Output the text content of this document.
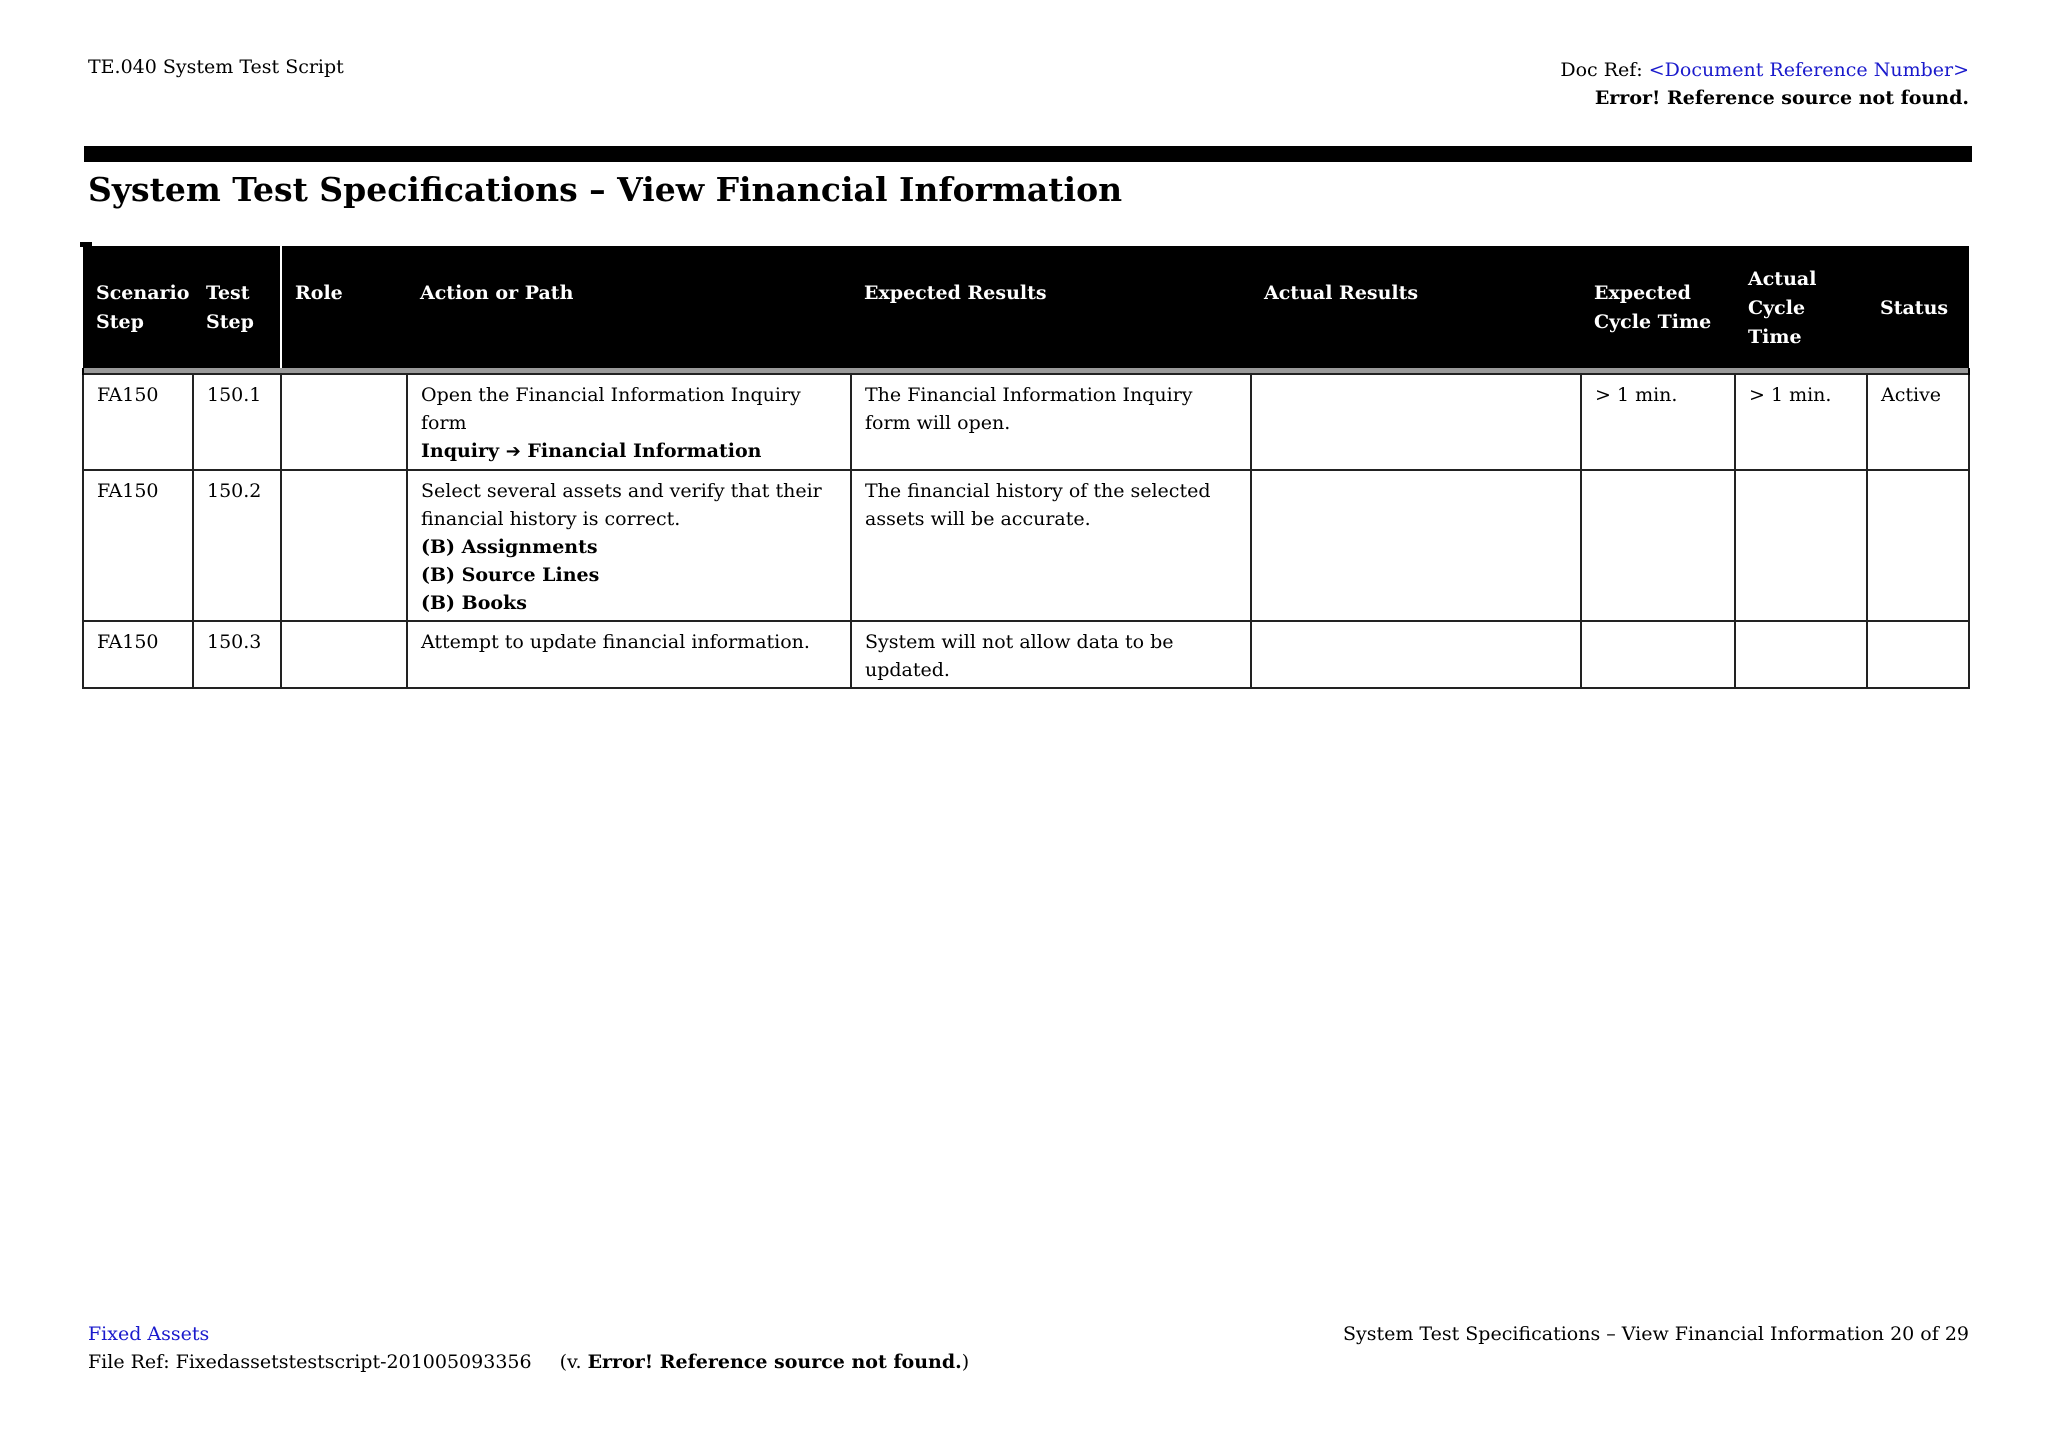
TE.040 System Test Script	Doc Ref: <Document Reference Number>
Error! Reference source not found.
System Test Specifications – View Financial Information
Scenario
Step	Test
Step	Role	Action or Path	Expected Results	Actual Results	Expected
Cycle Time	Actual
Cycle
Time	Status

FA150	150.1		Open the Financial Information Inquiry form
Inquiry ➔ Financial Information	The Financial Information Inquiry form will open.		> 1 min.	> 1 min.	Active
FA150	150.2		Select several assets and verify that their financial history is correct.
(B) Assignments
(B) Source Lines
(B) Books	The financial history of the selected assets will be accurate.				
FA150	150.3		Attempt to update financial information.	System will not allow data to be updated.				
Fixed Assets
File Ref: Fixedassetstestscript-201005093356 (v. Error! Reference source not found.)
System Test Specifications – View Financial Information 20 of 29
